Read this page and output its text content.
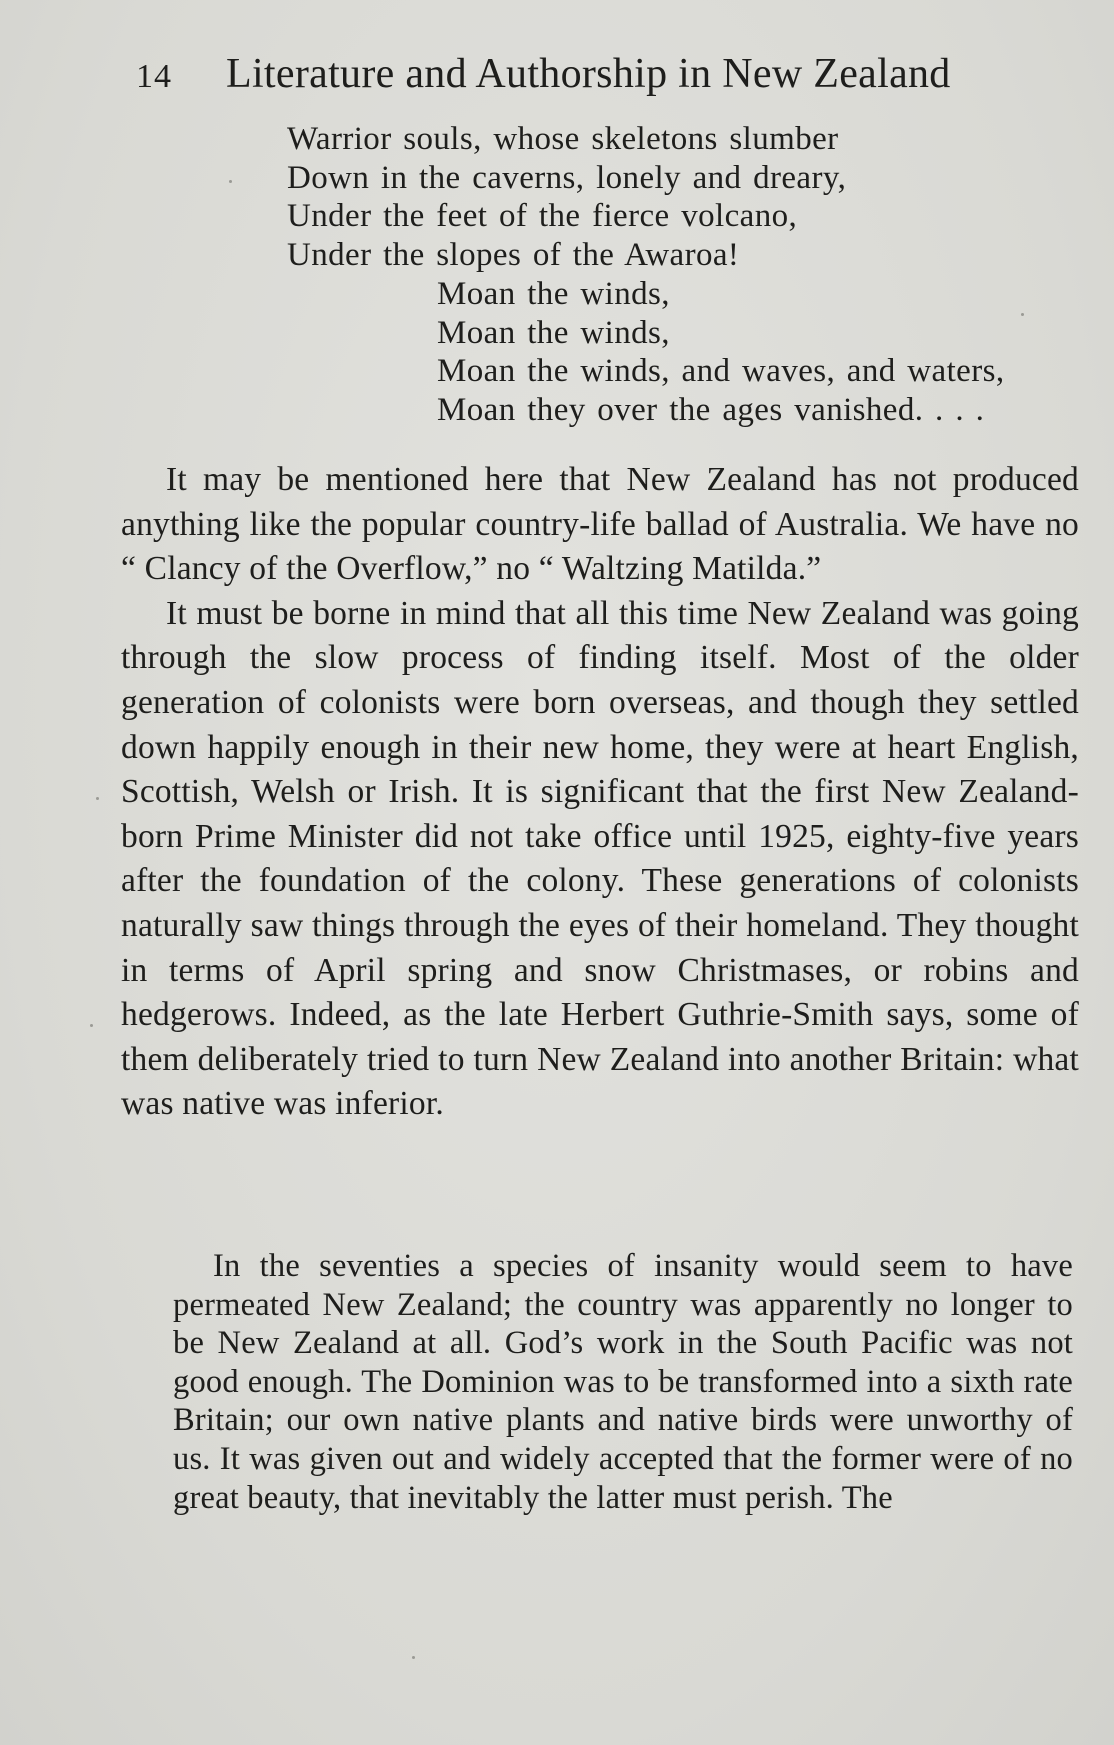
14	Literature and Authorship in New Zealand
Warrior souls, whose skeletons slumber
Down in the caverns, lonely and dreary,
Under the feet of the fierce volcano,
Under the slopes of the Awaroa!
Moan the winds,
Moan the winds,
Moan the winds, and waves, and waters,
Moan they over the ages vanished. . . .

It may be mentioned here that New Zealand has not produced anything like the popular country-life ballad of Australia. We have no “ Clancy of the Overflow,” no “ Waltzing Matilda.”

It must be borne in mind that all this time New Zealand was going through the slow process of finding itself. Most of the older generation of colonists were born overseas, and though they settled down happily enough in their new home, they were at heart English, Scottish, Welsh or Irish. It is significant that the first New Zealand-born Prime Minister did not take office until 1925, eighty-five years after the foundation of the colony. These generations of colonists naturally saw things through the eyes of their homeland. They thought in terms of April spring and snow Christmases, or robins and hedgerows. Indeed, as the late Herbert Guthrie-Smith says, some of them deliberately tried to turn New Zealand into another Britain: what was native was inferior.

In the seventies a species of insanity would seem to have permeated New Zealand; the country was apparently no longer to be New Zealand at all. God’s work in the South Pacific was not good enough. The Dominion was to be transformed into a sixth rate Britain; our own native plants and native birds were unworthy of us. It was given out and widely accepted that the former were of no great beauty, that inevitably the latter must perish. The
